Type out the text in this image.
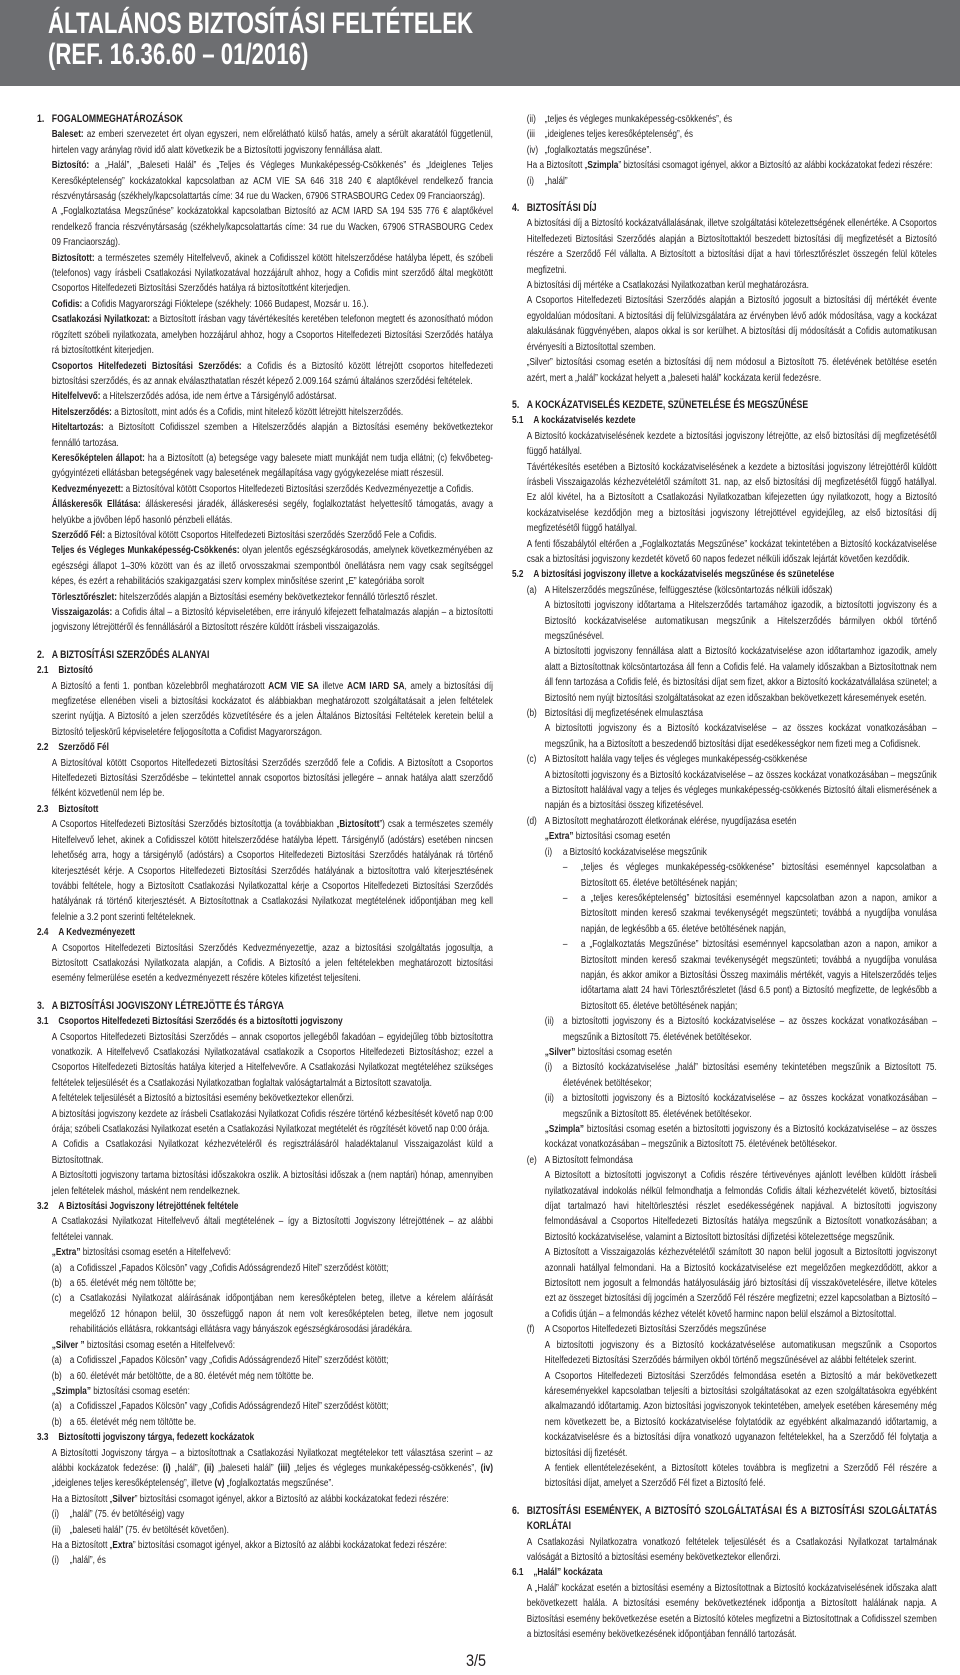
ÁLTALÁNOS BIZTOSÍTÁSI FELTÉTELEK
(REF. 16.36.60 – 01/2016)
1. FOGALOMMEGHATÁROZÁSOK
Baleset: az emberi szervezetet ért olyan egyszeri, nem előrelátható külső hatás, amely a sérült akaratától függetlenül, hirtelen vagy aránylag rövid idő alatt következik be a Biztosítotti jogviszony fennállása alatt.
Biztosító: a „Halál”, „Baleseti Halál” és „Teljes és Végleges Munkaképesség-Csökkenés” és „Ideiglenes Teljes Keresőképtelenség” kockázatokkal kapcsolatban az ACM VIE SA 646 318 240 € alaptőkével rendelkező francia részvénytársaság (székhely/kapcsolattartás címe: 34 rue du Wacken, 67906 STRASBOURG Cedex 09 Franciaország).
A „Foglalkoztatása Megszűnése” kockázatokkal kapcsolatban Biztosító az ACM IARD SA 194 535 776 € alaptőkével rendelkező francia részvénytársaság (székhely/kapcsolattartás címe: 34 rue du Wacken, 67906 STRASBOURG Cedex 09 Franciaország).
Biztosított: a természetes személy Hitelfelvevő, akinek a Cofidisszel kötött hitelszerződése hatályba lépett, és szóbeli (telefonos) vagy írásbeli Csatlakozási Nyilatkozatával hozzájárult ahhoz, hogy a Cofidis mint szerződő által megkötött Csoportos Hitelfedezeti Biztosítási Szerződés hatálya rá biztosítottként kiterjedjen.
Cofidis: a Cofidis Magyarországi Fióktelepe (székhely: 1066 Budapest, Mozsár u. 16.).
Csatlakozási Nyilatkozat: a Biztosított írásban vagy távértékesítés keretében telefonon megtett és azonosítható módon rögzített szóbeli nyilatkozata, amelyben hozzájárul ahhoz, hogy a Csoportos Hitelfedezeti Biztosítási Szerződés hatálya rá biztosítottként kiterjedjen.
Csoportos Hitelfedezeti Biztosítási Szerződés: a Cofidis és a Biztosító között létrejött csoportos hitelfedezeti biztosítási szerződés, és az annak elválaszthatatlan részét képező 2.009.164 számú általános szerződési feltételek.
Hitelfelvevő: a Hitelszerződés adósa, ide nem értve a Társigénylő adóstársat.
Hitelszerződés: a Biztosított, mint adós és a Cofidis, mint hitelező között létrejött hitelszerződés.
Hiteltartozás: a Biztosított Cofidisszel szemben a Hitelszerződés alapján a Biztosítási esemény bekövetkeztekor fennálló tartozása.
Keresőképtelen állapot: ha a Biztosított (a) betegsége vagy balesete miatt munkáját nem tudja ellátni; (c) fekvőbeteg-gyógyintézeti ellátásban betegségének vagy balesetének megállapítása vagy gyógykezelése miatt részesül.
Kedvezményezett: a Biztosítóval kötött Csoportos Hitelfedezeti Biztosítási szerződés Kedvezményezettje a Cofidis.
Álláskeresők Ellátása: álláskeresési járadék, álláskeresési segély, foglalkoztatást helyettesítő támogatás, avagy a helyükbe a jövőben lépő hasonló pénzbeli ellátás.
Szerződő Fél: a Biztosítóval kötött Csoportos Hitelfedezeti Biztosítási szerződés Szerződő Fele a Cofidis.
Teljes és Végleges Munkaképesség-Csökkenés: olyan jelentős egészségkárosodás, amelynek következményében az egészségi állapot 1–30% között van és az illető orvosszakmai szempontból önellátásra nem vagy csak segítséggel képes, és ezért a rehabilitációs szakigazgatási szerv komplex minősítése szerint „E” kategóriába sorolt
Törlesztőrészlet: hitelszerződés alapján a Biztosítási esemény bekövetkeztekor fennálló törlesztő részlet.
Visszaigazolás: a Cofidis által – a Biztosító képviseletében, erre irányuló kifejezett felhatalmazás alapján – a biztosítotti jogviszony létrejöttéről és fennállásáról a Biztosított részére küldött írásbeli visszaigazolás.
2. A BIZTOSÍTÁSI SZERZŐDÉS ALANYAI
2.1 Biztosító
A Biztosító a fenti 1. pontban közelebbről meghatározott ACM VIE SA illetve ACM IARD SA, amely a biztosítási díj megfizetése ellenében viseli a biztosítási kockázatot és alábbiakban meghatározott szolgáltatásait a jelen feltételek szerint nyújtja. A Biztosító a jelen szerződés közvetítésére és a jelen Általános Biztosítási Feltételek keretein belül a Biztosító teljeskörű képviseletére feljogosította a Cofidist Magyarországon.
2.2 Szerződő Fél
A Biztosítóval kötött Csoportos Hitelfedezeti Biztosítási Szerződés szerződő fele a Cofidis. A Biztosított a Csoportos Hitelfedezeti Biztosítási Szerződésbe – tekintettel annak csoportos biztosítási jellegére – annak hatálya alatt szerződő félként közvetlenül nem lép be.
2.3 Biztosított
A Csoportos Hitelfedezeti Biztosítási Szerződés biztosítottja (a továbbiakban „Biztosított”) csak a természetes személy Hitelfelvevő lehet, akinek a Cofidisszel kötött hitelszerződése hatályba lépett. Társigénylő (adóstárs) esetében nincsen lehetőség arra, hogy a társigénylő (adóstárs) a Csoportos Hitelfedezeti Biztosítási Szerződés hatályának rá történő kiterjesztését kérje. A Csoportos Hitelfedezeti Biztosítási Szerződés hatályának a biztosítottra való kiterjesztésének további feltétele, hogy a Biztosított Csatlakozási Nyilatkozattal kérje a Csoportos Hitelfedezeti Biztosítási Szerződés hatályának rá történő kiterjesztését. A Biztosítottnak a Csatlakozási Nyilatkozat megtételének időpontjában meg kell felelnie a 3.2 pont szerinti feltételeknek.
2.4 A Kedvezményezett
A Csoportos Hitelfedezeti Biztosítási Szerződés Kedvezményezettje, azaz a biztosítási szolgáltatás jogosultja, a Biztosított Csatlakozási Nyilatkozata alapján, a Cofidis. A Biztosító a jelen feltételekben meghatározott biztosítási esemény felmerülése esetén a kedvezményezett részére köteles kifizetést teljesíteni.
3. A BIZTOSÍTÁSI JOGVISZONY LÉTREJÖTTE ÉS TÁRGYA
3.1 Csoportos Hitelfedezeti Biztosítási Szerződés és a biztosítotti jogviszony
A Csoportos Hitelfedezeti Biztosítási Szerződés – annak csoportos jellegéből fakadóan – egyidejűleg több biztosítottra vonatkozik. A Hitelfelvevő Csatlakozási Nyilatkozatával csatlakozik a Csoportos Hitelfedezeti Biztosításhoz; ezzel a Csoportos Hitelfedezeti Biztosítás hatálya kiterjed a Hitelfelvevőre. A Csatlakozási Nyilatkozat megtételéhez szükséges feltételek teljesülését és a Csatlakozási Nyilatkozatban foglaltak valóságtartalmát a Biztosított szavatolja.
A feltételek teljesülését a Biztosító a biztosítási esemény bekövetkeztekor ellenőrzi.
A biztosítási jogviszony kezdete az írásbeli Csatlakozási Nyilatkozat Cofidis részére történő kézbesítését követő nap 0:00 órája; szóbeli Csatlakozási Nyilatkozat esetén a Csatlakozási Nyilatkozat megtételét és rögzítését követő nap 0:00 órája.
A Cofidis a Csatlakozási Nyilatkozat kézhezvételéről és regisztrálásáról haladéktalanul Visszaigazolást küld a Biztosítottnak.
A Biztosítotti jogviszony tartama biztosítási időszakokra oszlik. A biztosítási időszak a (nem naptári) hónap, amennyiben jelen feltételek máshol, másként nem rendelkeznek.
3.2 A Biztosítási Jogviszony létrejöttének feltétele
A Csatlakozási Nyilatkozat Hitelfelvevő általi megtételének – így a Biztosítotti Jogviszony létrejöttének – az alábbi feltételei vannak.
„Extra” biztosítási csomag esetén a Hitelfelvevő:
(a) a Cofidisszel „Fapados Kölcsön” vagy „Cofidis Adósságrendező Hitel” szerződést kötött;
(b) a 65. életévét még nem töltötte be;
(c) a Csatlakozási Nyilatkozat aláírásának időpontjában nem keresőképtelen beteg, illetve a kérelem aláírását megelőző 12 hónapon belül, 30 összefüggő napon át nem volt keresőképtelen beteg, illetve nem jogosult rehabilitációs ellátásra, rokkantsági ellátásra vagy bányászok egészségkárosodási járadékára.
„Silver ” biztosítási csomag esetén a Hitelfelvevő:
(a) a Cofidisszel „Fapados Kölcsön” vagy „Cofidis Adósságrendező Hitel” szerződést kötött;
(b) a 60. életévét már betöltötte, de a 80. életévét még nem töltötte be.
„Szimpla” biztosítási csomag esetén:
(a) a Cofidisszel „Fapados Kölcsön” vagy „Cofidis Adósságrendező Hitel” szerződést kötött;
(b) a 65. életévét még nem töltötte be.
3.3 Biztosítotti jogviszony tárgya, fedezett kockázatok
A Biztosítotti Jogviszony tárgya – a biztosítottnak a Csatlakozási Nyilatkozat megtételekor tett választása szerint – az alábbi kockázatok fedezése: (i) „halál”, (ii) „baleseti halál” (iii) „teljes és végleges munkaképesség-csökkenés”, (iv) „ideiglenes teljes keresőképtelenség”, illetve (v) „foglalkoztatás megszűnése”.
Ha a Biztosított „Silver” biztosítási csomagot igényel, akkor a Biztosító az alábbi kockázatokat fedezi részére:
(i) „halál” (75. év betöltéséig) vagy
(ii) „baleseti halál” (75. év betöltését követően).
Ha a Biztosított „Extra” biztosítási csomagot igényel, akkor a Biztosító az alábbi kockázatokat fedezi részére:
(i) „halál”, és
(ii) „teljes és végleges munkaképesség-csökkenés”, és
(iii „ideiglenes teljes keresőképtelenség”, és
(iv) „foglalkoztatás megszűnése”.
Ha a Biztosított „Szimpla” biztosítási csomagot igényel, akkor a Biztosító az alábbi kockázatokat fedezi részére:
(i) „halál”
4. BIZTOSÍTÁSI DÍJ
A biztosítási díj a Biztosító kockázatvállalásának, illetve szolgáltatási kötelezettségének ellenértéke. A Csoportos Hitelfedezeti Biztosítási Szerződés alapján a Biztosítottaktól beszedett biztosítási díj megfizetését a Biztosító részére a Szerződő Fél vállalta. A Biztosított a biztosítási díjat a havi törlesztőrészlet összegén felül köteles megfizetni.
A biztosítási díj mértéke a Csatlakozási Nyilatkozatban kerül meghatározásra.
A Csoportos Hitelfedezeti Biztosítási Szerződés alapján a Biztosító jogosult a biztosítási díj mértékét évente egyoldalúan módosítani. A biztosítási díj felülvizsgálatára az érvényben lévő adók módosítása, vagy a kockázat alakulásának függvényében, alapos okkal is sor kerülhet. A biztosítási díj módosítását a Cofidis automatikusan érvényesíti a Biztosítottal szemben.
„Silver” biztosítási csomag esetén a biztosítási díj nem módosul a Biztosított 75. életévének betöltése esetén azért, mert a „halál” kockázat helyett a „baleseti halál” kockázata kerül fedezésre.
5. A KOCKÁZATVISELÉS KEZDETE, SZÜNETELÉSE ÉS MEGSZŰNÉSE
5.1 A kockázatviselés kezdete
A Biztosító kockázatviselésének kezdete a biztosítási jogviszony létrejötte, az első biztosítási díj megfizetésétől függő hatállyal.
Távértékesítés esetében a Biztosító kockázatviselésének a kezdete a biztosítási jogviszony létrejöttéről küldött írásbeli Visszaigazolás kézhezvételétől számított 31. nap, az első biztosítási díj megfizetésétől függő hatállyal. Ez alól kivétel, ha a Biztosított a Csatlakozási Nyilatkozatban kifejezetten úgy nyilatkozott, hogy a Biztosító kockázatviselése kezdődjön meg a biztosítási jogviszony létrejöttével egyidejűleg, az első biztosítási díj megfizetésétől függő hatállyal.
A fenti főszabálytól eltérően a „Foglalkoztatás Megszűnése” kockázat tekintetében a Biztosító kockázatviselése csak a biztosítási jogviszony kezdetét követő 60 napos fedezet nélküli időszak lejártát követően kezdődik.
5.2 A biztosítási jogviszony illetve a kockázatviselés megszűnése és szünetelése
(a) A Hitelszerződés megszűnése, felfüggesztése (kölcsöntartozás nélküli időszak)
A biztosítotti jogviszony időtartama a Hitelszerződés tartamához igazodik, a biztosítotti jogviszony és a Biztosító kockázatviselése automatikusan megszűnik a Hitelszerződés bármilyen okból történő megszűnésével.
A biztosítotti jogviszony fennállása alatt a Biztosító kockázatviselése azon időtartamhoz igazodik, amely alatt a Biztosítottnak kölcsöntartozása áll fenn a Cofidis felé. Ha valamely időszakban a Biztosítottnak nem áll fenn tartozása a Cofidis felé, és biztosítási díjat sem fizet, akkor a Biztosító kockázatvállalása szünetel; a Biztosító nem nyújt biztosítási szolgáltatásokat az ezen időszakban bekövetkezett káresemények esetén.
(b) Biztosítási díj megfizetésének elmulasztása
A biztosítotti jogviszony és a Biztosító kockázatviselése – az összes kockázat vonatkozásában – megszűnik, ha a Biztosított a beszedendő biztosítási díjat esedékességkor nem fizeti meg a Cofidisnek.
(c) A Biztosított halála vagy teljes és végleges munkaképesség-csökkenése
A biztosítotti jogviszony és a Biztosító kockázatviselése – az összes kockázat vonatkozásában – megszűnik a Biztosított halálával vagy a teljes és végleges munkaképesség-csökkenés Biztosító általi elismerésének a napján és a biztosítási összeg kifizetésével.
(d) A Biztosított meghatározott életkorának elérése, nyugdíjazása esetén
„Extra” biztosítási csomag esetén
(i) a Biztosító kockázatviselése megszűnik
– „teljes és végleges munkaképesség-csökkenése” biztosítási eseménnyel kapcsolatban a Biztosított 65. életéve betöltésének napján;
– a „teljes keresőképtelenség” biztosítási eseménnyel kapcsolatban azon a napon, amikor a Biztosított minden kereső szakmai tevékenységét megszünteti; továbbá a nyugdíjba vonulása napján, de legkésőbb a 65. életéve betöltésének napján,
– a „Foglalkoztatás Megszűnése” biztosítási eseménnyel kapcsolatban azon a napon, amikor a Biztosított minden kereső szakmai tevékenységét megszünteti; továbbá a nyugdíjba vonulása napján, és akkor amikor a Biztosítási Összeg maximális mértékét, vagyis a Hitelszerződés teljes időtartama alatt 24 havi Törlesztőrészletet (lásd 6.5 pont) a Biztosító megfizette, de legkésőbb a Biztosított 65. életéve betöltésének napján;
(ii) a biztosítotti jogviszony és a Biztosító kockázatviselése – az összes kockázat vonatkozásában – megszűnik a Biztosított 75. életévének betöltésekor.
„Silver” biztosítási csomag esetén
(i) a Biztosító kockázatviselése „halál” biztosítási esemény tekintetében megszűnik a Biztosított 75. életévének betöltésekor;
(ii) a biztosítotti jogviszony és a Biztosító kockázatviselése – az összes kockázat vonatkozásában – megszűnik a Biztosított 85. életévének betöltésekor.
„Szimpla” biztosítási csomag esetén a biztosítotti jogviszony és a Biztosító kockázatviselése – az összes kockázat vonatkozásában – megszűnik a Biztosított 75. életévének betöltésekor.
(e) A Biztosított felmondása
A Biztosított a biztosítotti jogviszonyt a Cofidis részére tértivevényes ajánlott levélben küldött írásbeli nyilatkozatával indokolás nélkül felmondhatja a felmondás Cofidis általi kézhezvételét követő, biztosítási díjat tartalmazó havi hiteltörlesztési részlet esedékességének napjával. A biztosítotti jogviszony felmondásával a Csoportos Hitelfedezeti Biztosítás hatálya megszűnik a Biztosított vonatkozásában; a Biztosító kockázatviselése, valamint a Biztosított biztosítási díjfizetési kötelezettsége megszűnik.
A Biztosított a Visszaigazolás kézhezvételétől számított 30 napon belül jogosult a Biztosítotti jogviszonyt azonnali hatállyal felmondani. Ha a Biztosító kockázatviselése ezt megelőzően megkezdődött, akkor a Biztosított nem jogosult a felmondás hatályosulásáig járó biztosítási díj visszakövetelésére, illetve köteles ezt az összeget biztosítási díj jogcímén a Szerződő Fél részére megfizetni; ezzel kapcsolatban a Biztosító – a Cofidis útján – a felmondás kézhez vételét követő harminc napon belül elszámol a Biztosítottal.
(f) A Csoportos Hitelfedezeti Biztosítási Szerződés megszűnése
A biztosítotti jogviszony és a Biztosító kockázatvéselése automatikusan megszűnik a Csoportos Hitelfedezeti Biztosítási Szerződés bármilyen okból történő megszűnésével az alábbi feltételek szerint.
A Csoportos Hitelfedezeti Biztosítási Szerződés felmondása esetén a Biztosító a már bekövetkezett káreseményekkel kapcsolatban teljesíti a biztosítási szolgáltatásokat az ezen szolgáltatásokra egyébként alkalmazandó időtartamig. Azon biztosítási jogviszonyok tekintetében, amelyek esetében káresemény még nem következett be, a Biztosító kockázatviselése folytatódik az egyébként alkalmazandó időtartamig, a kockázatviselésre és a biztosítási díjra vonatkozó ugyanazon feltételekkel, ha a Szerződő fél folytatja a biztosítási díj fizetését.
A fentiek ellentételezéseként, a Biztosított köteles továbbra is megfizetni a Szerződő Fél részére a biztosítási díjat, amelyet a Szerződő Fél fizet a Biztosító felé.
6. BIZTOSÍTÁSI ESEMÉNYEK, A BIZTOSÍTÓ SZOLGÁLTATÁSAI ÉS A BIZTOSÍTÁSI SZOLGÁLTATÁS KORLÁTAI
A Csatlakozási Nyilatkozatra vonatkozó feltételek teljesülését és a Csatlakozási Nyilatkozat tartalmának valóságát a Biztosító a biztosítási esemény bekövetkeztekor ellenőrzi.
6.1 „Halál” kockázata
A „Halál” kockázat esetén a biztosítási esemény a Biztosítottnak a Biztosító kockázatviselésének időszaka alatt bekövetkezett halála. A biztosítási esemény bekövetkeztének időpontja a Biztosított halálának napja. A Biztosítási esemény bekövetkezése esetén a Biztosító köteles megfizetni a Biztosítottnak a Cofidisszel szemben a biztosítási esemény bekövetkezésének időpontjában fennálló tartozását.
3/5
